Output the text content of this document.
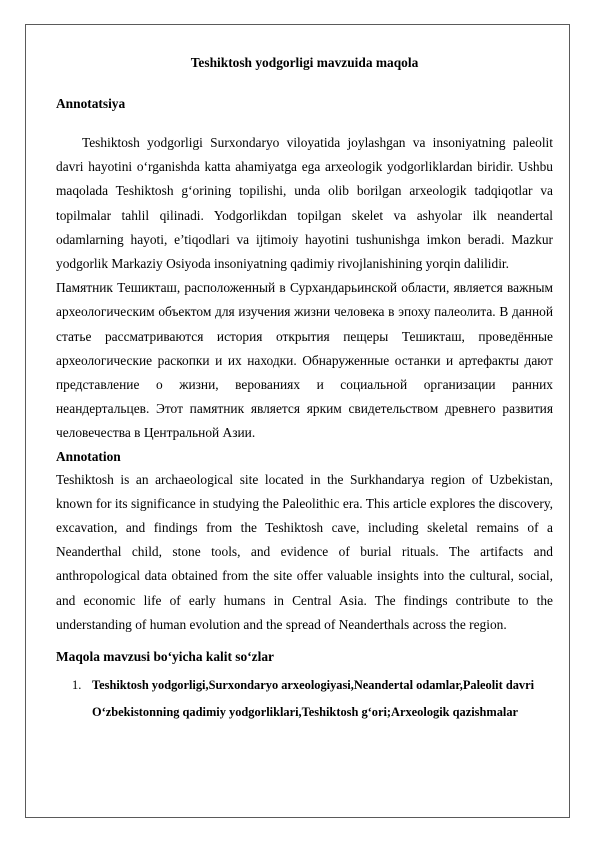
Teshiktosh yodgorligi mavzuida maqola

Annotatsiya

Teshiktosh yodgorligi Surxondaryo viloyatida joylashgan va insoniyatning paleolit davri hayotini o‘rganishda katta ahamiyatga ega arxeologik yodgorliklardan biridir. Ushbu maqolada Teshiktosh g‘orining topilishi, unda olib borilgan arxeologik tadqiqotlar va topilmalar tahlil qilinadi. Yodgorlikdan topilgan skelet va ashyolar ilk neandertal odamlarning hayoti, e’tiqodlari va ijtimoiy hayotini tushunishga imkon beradi. Mazkur yodgorlik Markaziy Osiyoda insoniyatning qadimiy rivojlanishining yorqin dalilidir.

Памятник Тешикташ, расположенный в Сурхандарьинской области, является важным археологическим объектом для изучения жизни человека в эпоху палеолита. В данной статье рассматриваются история открытия пещеры Тешикташ, проведённые археологические раскопки и их находки. Обнаруженные останки и артефакты дают представление о жизни, верованиях и социальной организации ранних неандертальцев. Этот памятник является ярким свидетельством древнего развития человечества в Центральной Азии.

Annotation

Teshiktosh is an archaeological site located in the Surkhandarya region of Uzbekistan, known for its significance in studying the Paleolithic era. This article explores the discovery, excavation, and findings from the Teshiktosh cave, including skeletal remains of a Neanderthal child, stone tools, and evidence of burial rituals. The artifacts and anthropological data obtained from the site offer valuable insights into the cultural, social, and economic life of early humans in Central Asia. The findings contribute to the understanding of human evolution and the spread of Neanderthals across the region.

Maqola mavzusi bo‘yicha kalit so‘zlar

1. Teshiktosh yodgorligi,Surxondaryo arxeologiyasi,Neandertal odamlar,Paleolit davri
O‘zbekistonning qadimiy yodgorliklari,Teshiktosh g‘ori;Arxeologik qazishmalar
